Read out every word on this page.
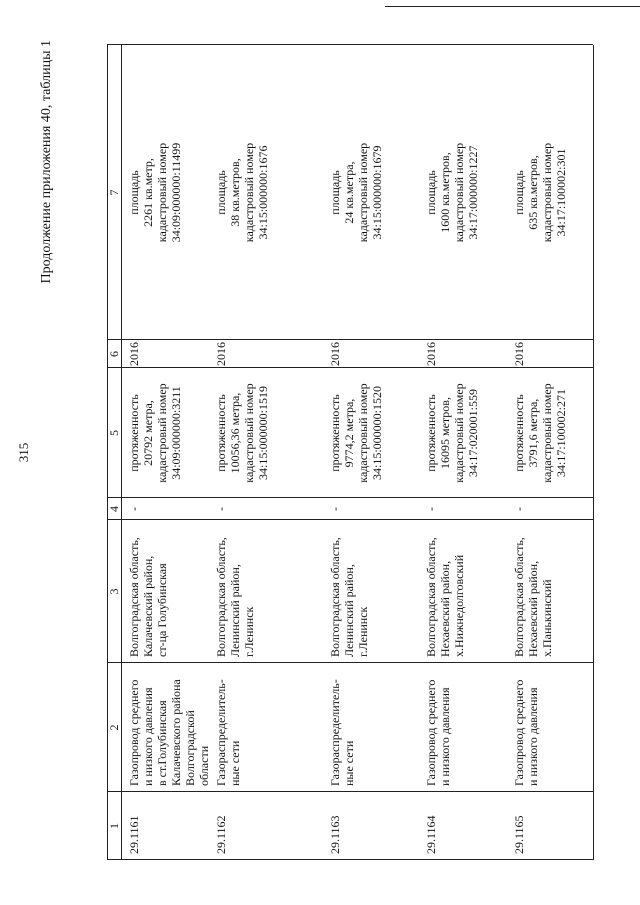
315
Продолжение приложения 40, таблицы 1
1
2
3
4
5
6
7
29.1161
Газопровод среднего
и низкого давления
в ст.Голубинская
Калачевского района
Волгоградской
области
Волгоградская область,
Калачевский район,
ст-ца Голубинская
-
протяженность
20792 метра,
кадастровый номер
34:09:000000:3211
2016
площадь
2261 кв.метр,
кадастровый номер
34:09:000000:11499
29.1162
Газораспределитель-
ные сети
Волгоградская область,
Ленинский район,
г.Ленинск
-
протяженность
10056,36 метра,
кадастровый номер
34:15:000000:1519
2016
площадь
38 кв.метров,
кадастровый номер
34:15:000000:1676
29.1163
Газораспределитель-
ные сети
Волгоградская область,
Ленинский район,
г.Ленинск
-
протяженность
9774,2 метра,
кадастровый номер
34:15:000000:1520
2016
площадь
24 кв.метра,
кадастровый номер
34:15:000000:1679
29.1164
Газопровод среднего
и низкого давления
Волгоградская область,
Нехаевский район,
х.Нижнедолговский
-
протяженность
16095 метров,
кадастровый номер
34:17:020001:559
2016
площадь
1600 кв.метров,
кадастровый номер
34:17:000000:1227
29.1165
Газопровод среднего
и низкого давления
Волгоградская область,
Нехаевский район,
х.Панькинский
-
протяженность
3791,6 метра,
кадастровый номер
34:17:100002:271
2016
площадь
635 кв.метров,
кадастровый номер
34:17:100002:301
